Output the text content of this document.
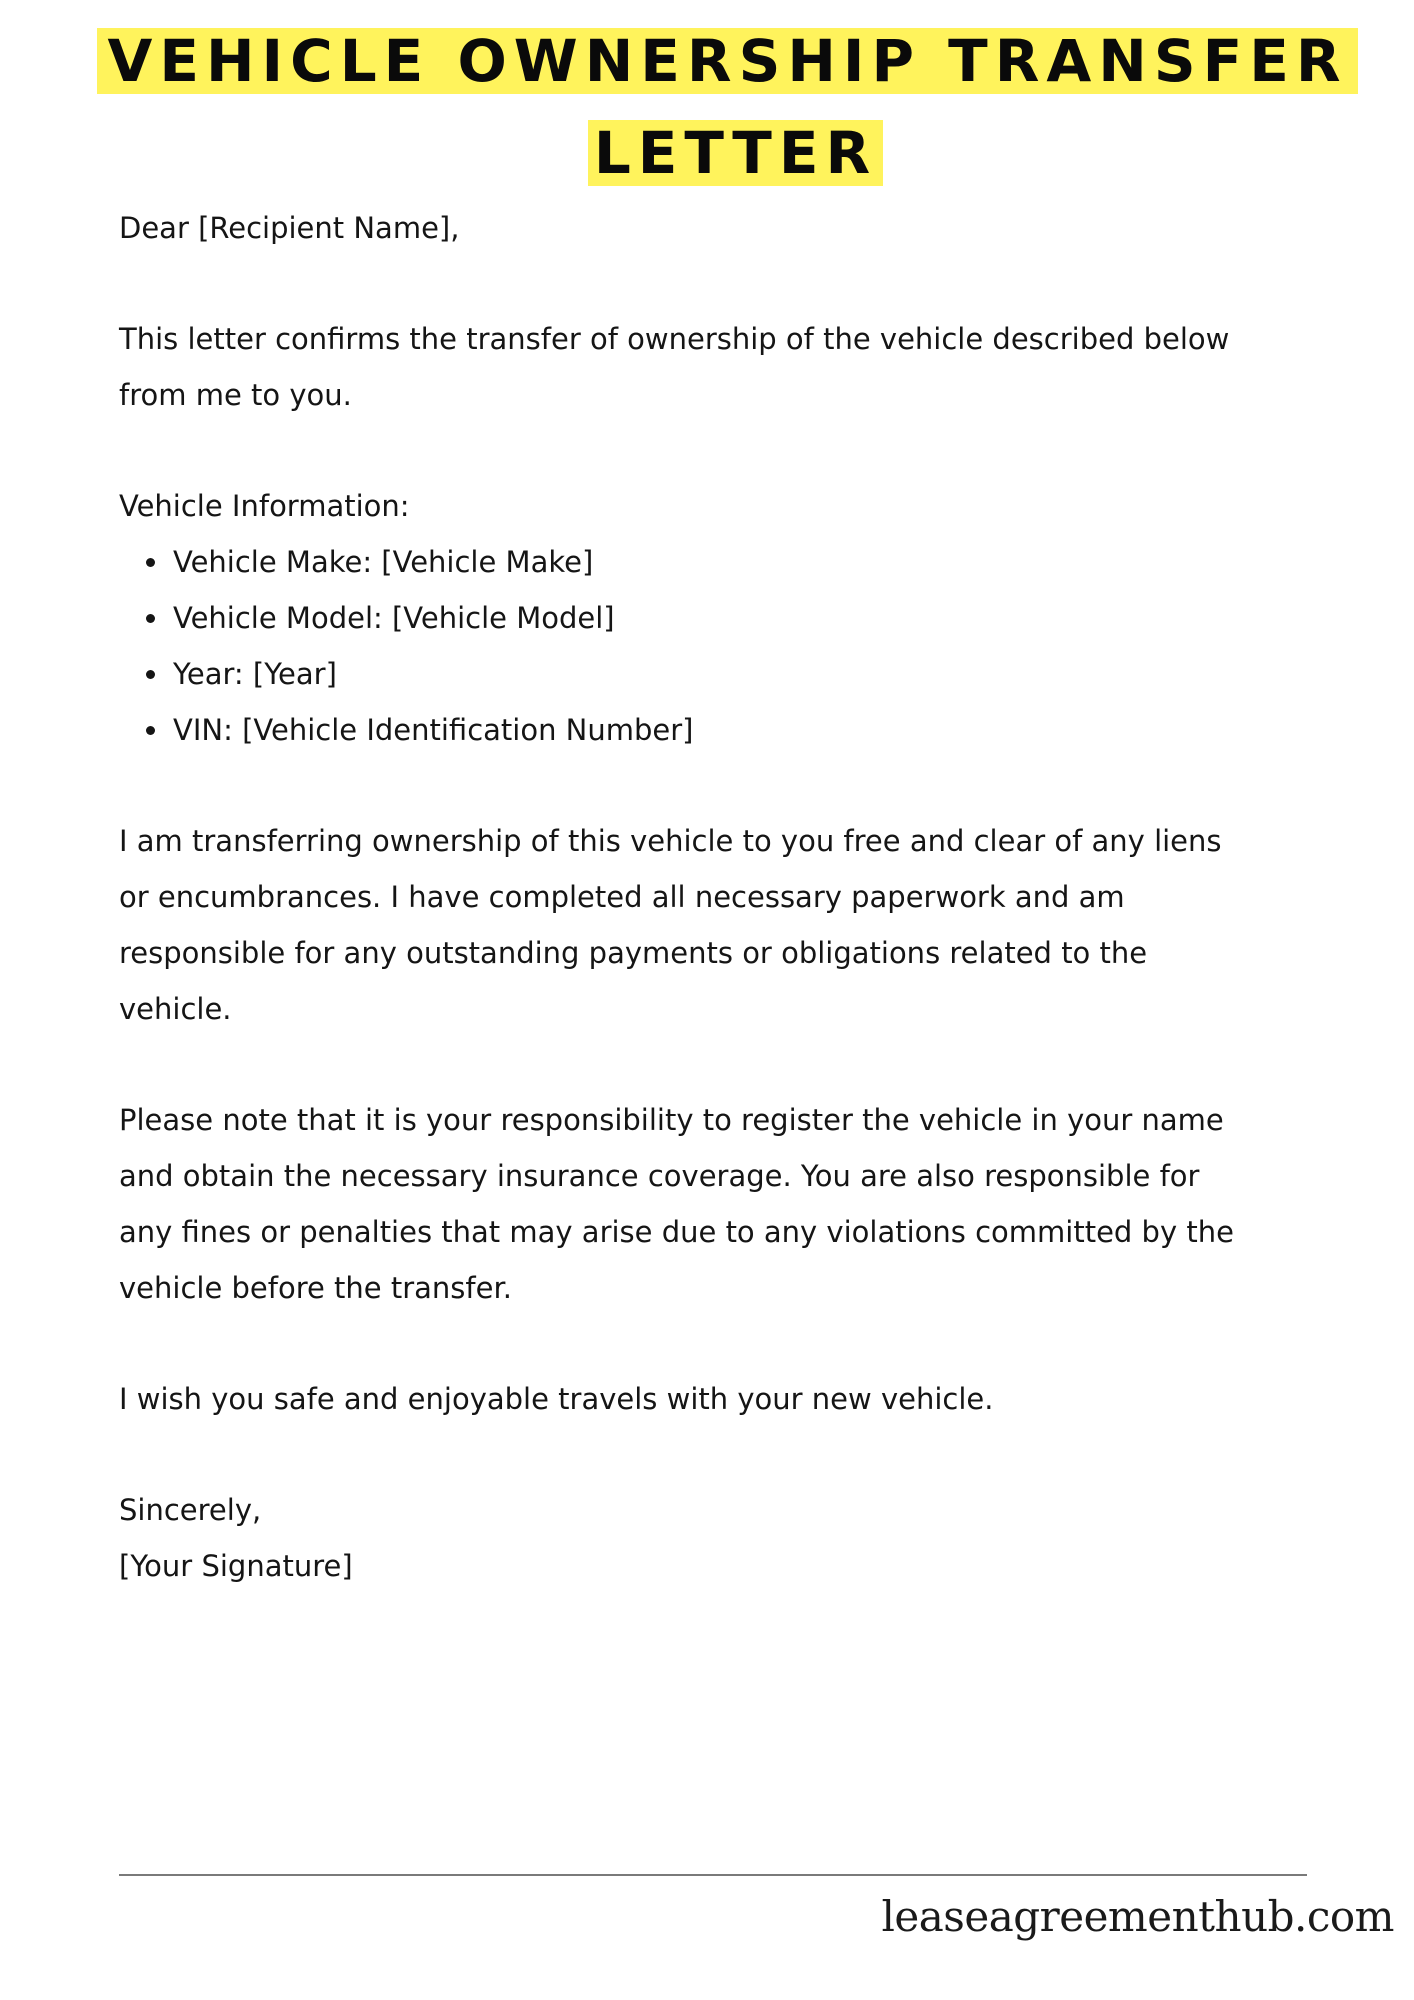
VEHICLE OWNERSHIP TRANSFER
LETTER

Dear [Recipient Name],

This letter confirms the transfer of ownership of the vehicle described below

from me to you.

Vehicle Information:

• Vehicle Make: [Vehicle Make]
• Vehicle Model: [Vehicle Model]
• Year: [Year]
• VIN: [Vehicle Identification Number]

I am transferring ownership of this vehicle to you free and clear of any liens

or encumbrances. I have completed all necessary paperwork and am

responsible for any outstanding payments or obligations related to the

vehicle.

Please note that it is your responsibility to register the vehicle in your name

and obtain the necessary insurance coverage. You are also responsible for

any fines or penalties that may arise due to any violations committed by the

vehicle before the transfer.

I wish you safe and enjoyable travels with your new vehicle.

Sincerely,

[Your Signature]

leaseagreementhub.com
